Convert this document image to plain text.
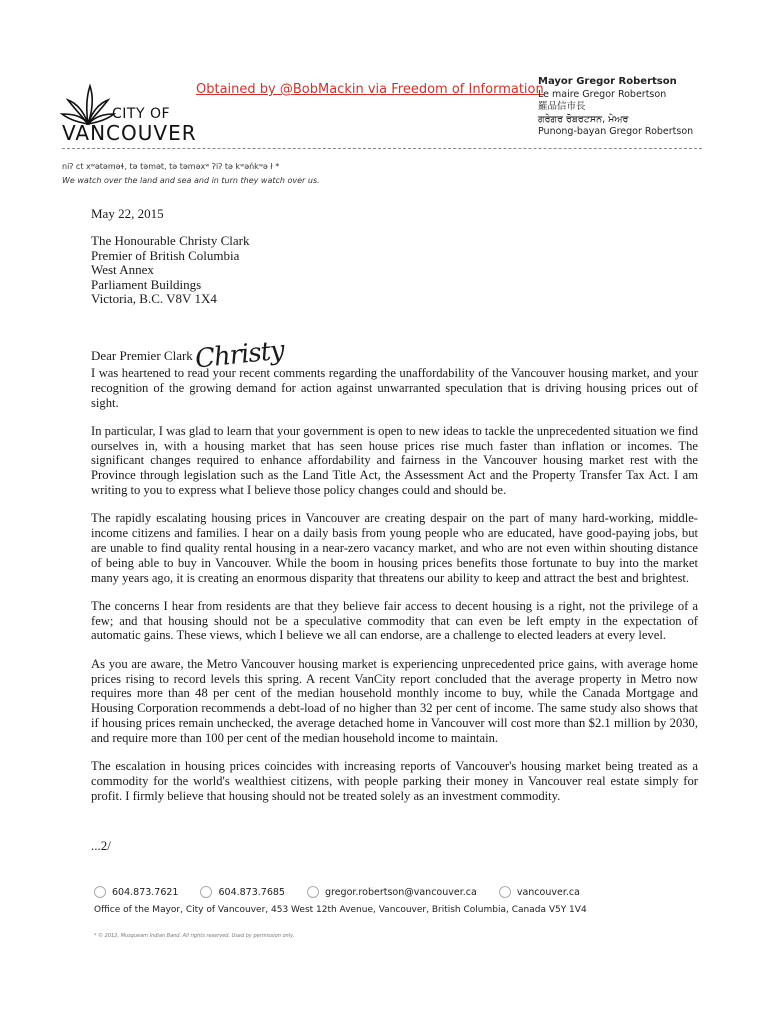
Obtained by @BobMackin via Freedom of Information
CITY OF
VANCOUVER
Mayor Gregor Robertson
Le maire Gregor Robertson
羅品信市長
ਗਰੇਗਰ ਰੋਬਰਟਸਨ, ਮੇਅਰ
Punong-bayan Gregor Robertson
niʔ ct xʷətəməɬ, tə təmət, tə təməxʷ ʔiʔ tə kʷəńkʷə ł *
We watch over the land and sea and in turn they watch over us.
May 22, 2015
The Honourable Christy Clark
Premier of British Columbia
West Annex
Parliament Buildings
Victoria, B.C. V8V 1X4
Dear Premier Clark Christy

I was heartened to read your recent comments regarding the unaffordability of the Vancouver housing market, and your recognition of the growing demand for action against unwarranted speculation that is driving housing prices out of sight.

In particular, I was glad to learn that your government is open to new ideas to tackle the unprecedented situation we find ourselves in, with a housing market that has seen house prices rise much faster than inflation or incomes. The significant changes required to enhance affordability and fairness in the Vancouver housing market rest with the Province through legislation such as the Land Title Act, the Assessment Act and the Property Transfer Tax Act. I am writing to you to express what I believe those policy changes could and should be.

The rapidly escalating housing prices in Vancouver are creating despair on the part of many hard-working, middle-income citizens and families. I hear on a daily basis from young people who are educated, have good-paying jobs, but are unable to find quality rental housing in a near-zero vacancy market, and who are not even within shouting distance of being able to buy in Vancouver. While the boom in housing prices benefits those fortunate to buy into the market many years ago, it is creating an enormous disparity that threatens our ability to keep and attract the best and brightest.

The concerns I hear from residents are that they believe fair access to decent housing is a right, not the privilege of a few; and that housing should not be a speculative commodity that can even be left empty in the expectation of automatic gains. These views, which I believe we all can endorse, are a challenge to elected leaders at every level.

As you are aware, the Metro Vancouver housing market is experiencing unprecedented price gains, with average home prices rising to record levels this spring. A recent VanCity report concluded that the average property in Metro now requires more than 48 per cent of the median household monthly income to buy, while the Canada Mortgage and Housing Corporation recommends a debt-load of no higher than 32 per cent of income. The same study also shows that if housing prices remain unchecked, the average detached home in Vancouver will cost more than $2.1 million by 2030, and require more than 100 per cent of the median household income to maintain.

The escalation in housing prices coincides with increasing reports of Vancouver's housing market being treated as a commodity for the world's wealthiest citizens, with people parking their money in Vancouver real estate simply for profit. I firmly believe that housing should not be treated solely as an investment commodity.

...2/
604.873.7621	604.873.7685	gregor.robertson@vancouver.ca	vancouver.ca
Office of the Mayor, City of Vancouver, 453 West 12th Avenue, Vancouver, British Columbia, Canada V5Y 1V4
* © 2012, Musqueam Indian Band. All rights reserved. Used by permission only.
